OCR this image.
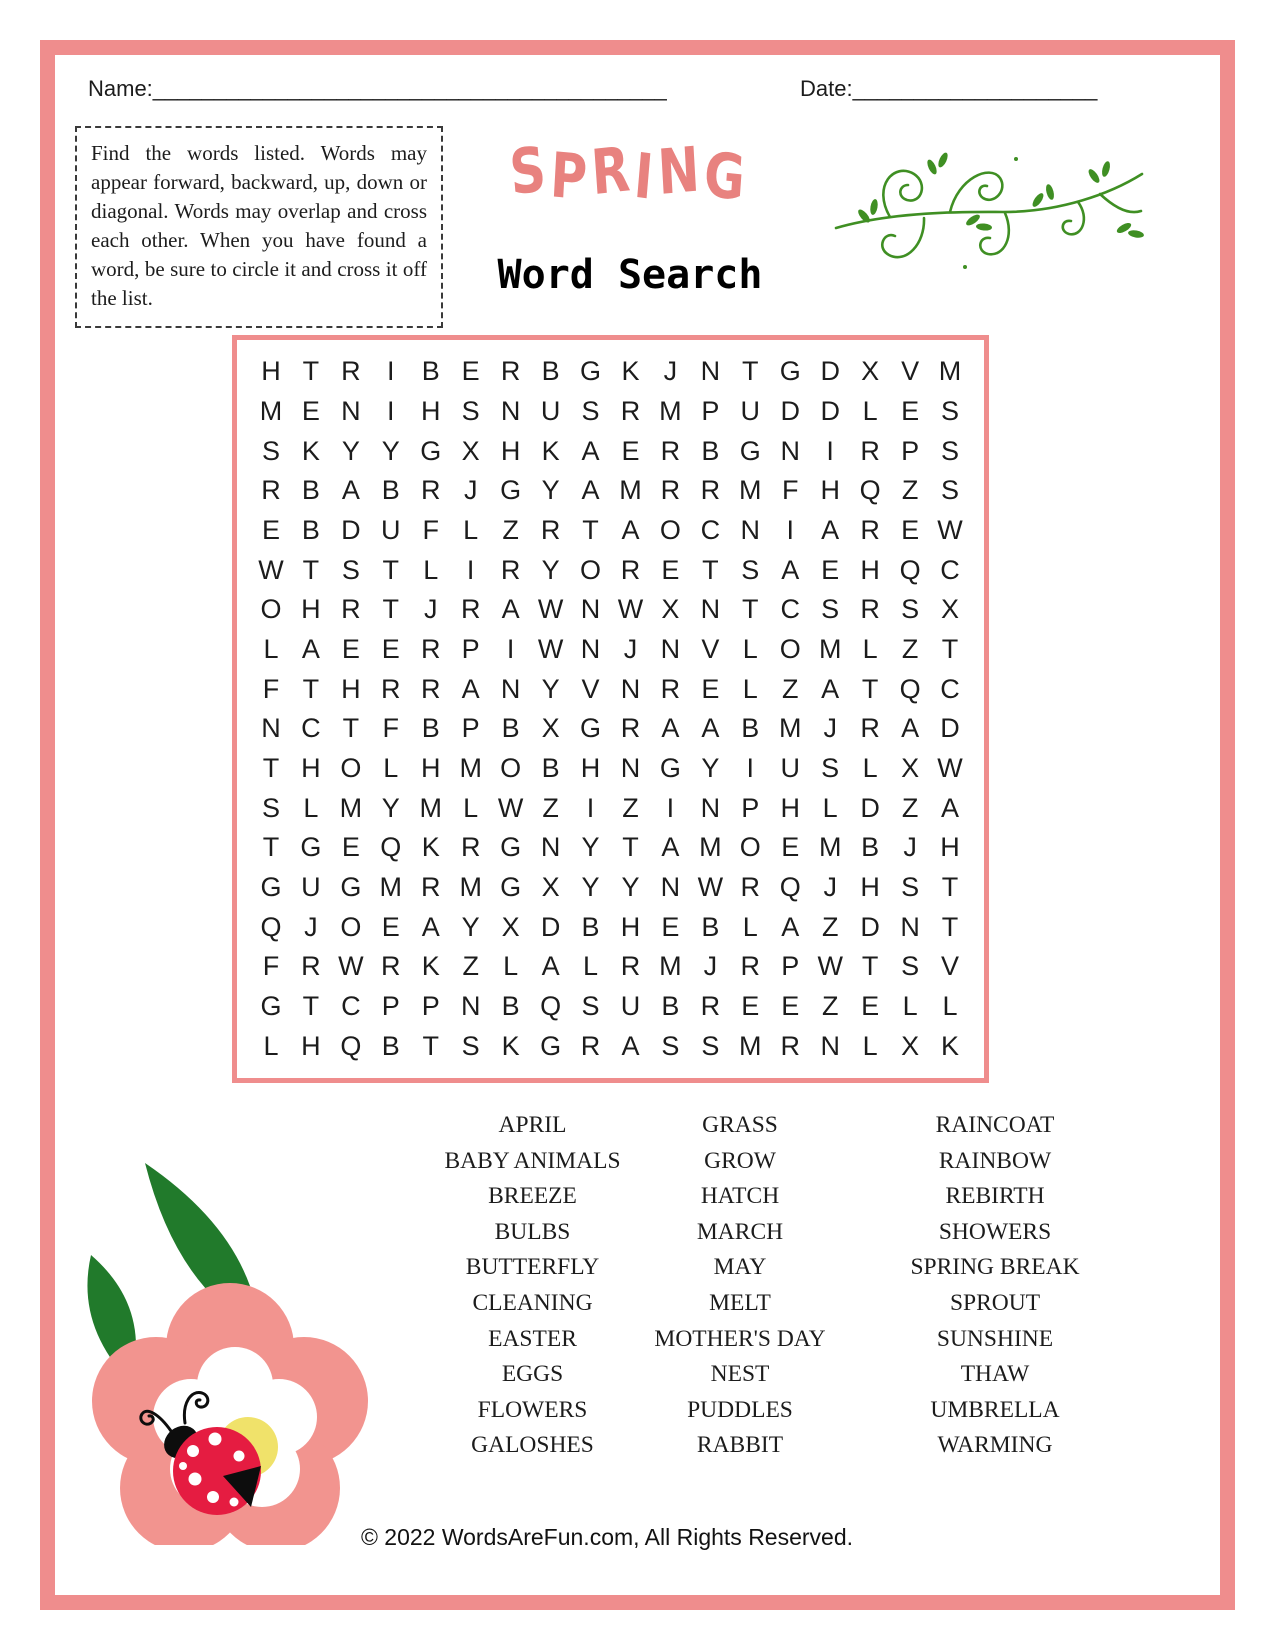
Name:__________________________________________	Date:____________________
Find the words listed. Words may appear forward, backward, up, down or diagonal. Words may overlap and cross each other. When you have found a word, be sure to circle it and cross it off the list.
SPRING
Word Search
H T R I	B E R B G K J N T G D X V M
M E N I H S N U S R M P U D D L E S
S K Y Y G X H K A E R B G N I R P S
R B A B R J G Y A M R R M F H Q Z S
E B D U F L Z R T A O C N I	A R E W
W T S T L	I R Y O R E T S A E H Q C
O H R T J R A W N W X N T C S R S X
L A E E R P	I W N J N V L O M L Z T
F T H R R A N Y V N R E L Z A T Q C
N C T F B P B X G R A A B M J R A D
T H O L H M O B H N G Y	I U S L X W
S L M Y M L W Z	I	Z	I N P H L D Z A
T G E Q K R G N Y T A M O E M B J H
G U G M R M G X Y Y N W R Q J H S T
Q J O E A Y X D B H E B L A Z D N T
F R W R K Z L A L R M J R P W T S V
G T C P P N B Q S U B R E E Z E L L
L H Q B T S K G R A S S M R N L X K
APRIL
BABY ANIMALS
BREEZE
BULBS
BUTTERFLY
CLEANING
EASTER
EGGS
FLOWERS
GALOSHES
GRASS
GROW
HATCH
MARCH
MAY
MELT
MOTHER'S DAY
NEST
PUDDLES
RABBIT
RAINCOAT
RAINBOW
REBIRTH
SHOWERS
SPRING BREAK
SPROUT
SUNSHINE
THAW
UMBRELLA
WARMING
© 2022 WordsAreFun.com, All Rights Reserved.
